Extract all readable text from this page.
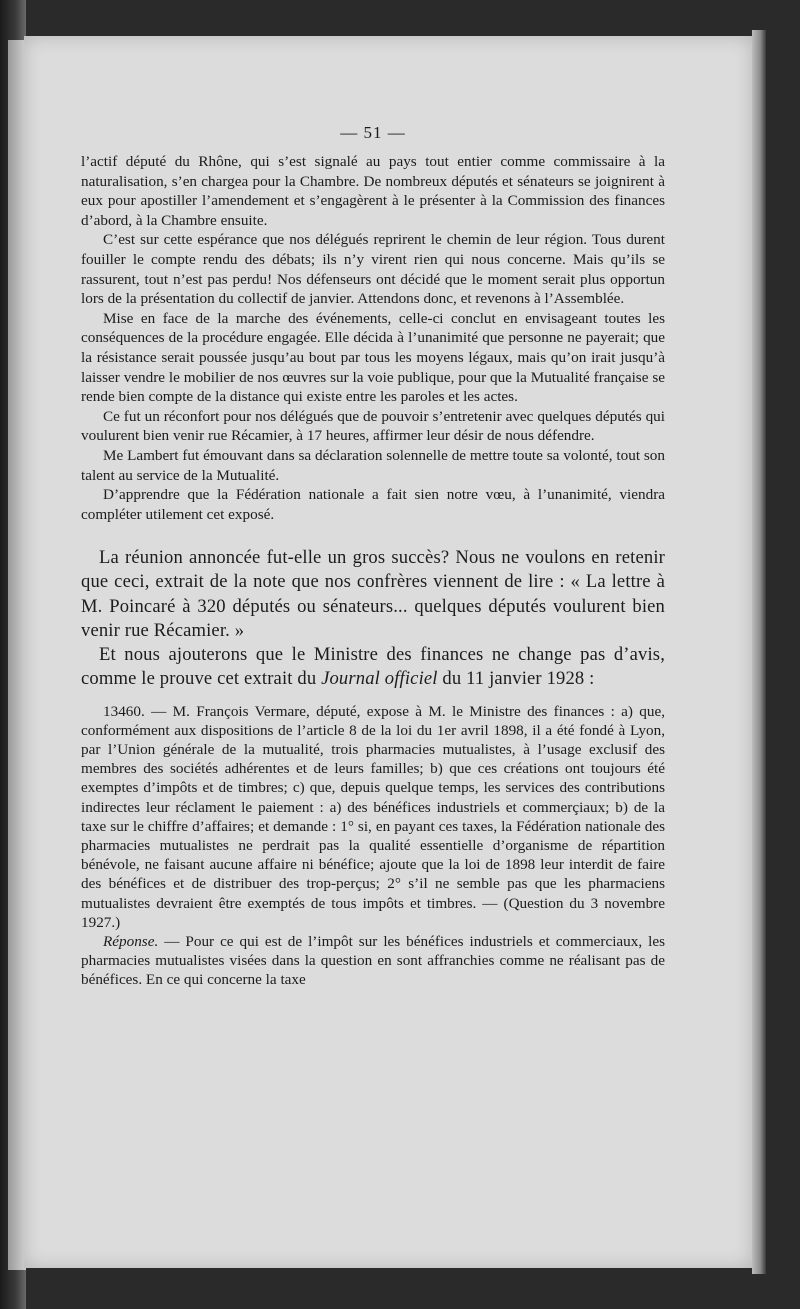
— 51 —

l’actif député du Rhône, qui s’est signalé au pays tout entier comme commissaire à la naturalisation, s’en chargea pour la Chambre. De nombreux députés et sénateurs se joignirent à eux pour apostiller l’amendement et s’engagèrent à le présenter à la Commission des finances d’abord, à la Chambre ensuite.

C’est sur cette espérance que nos délégués reprirent le chemin de leur région. Tous durent fouiller le compte rendu des débats; ils n’y virent rien qui nous concerne. Mais qu’ils se rassurent, tout n’est pas perdu! Nos défenseurs ont décidé que le moment serait plus opportun lors de la présentation du collectif de janvier. Attendons donc, et revenons à l’Assemblée.

Mise en face de la marche des événements, celle-ci conclut en envisageant toutes les conséquences de la procédure engagée. Elle décida à l’unanimité que personne ne payerait; que la résistance serait poussée jusqu’au bout par tous les moyens légaux, mais qu’on irait jusqu’à laisser vendre le mobilier de nos œuvres sur la voie publique, pour que la Mutualité française se rende bien compte de la distance qui existe entre les paroles et les actes.

Ce fut un réconfort pour nos délégués que de pouvoir s’entretenir avec quelques députés qui voulurent bien venir rue Récamier, à 17 heures, affirmer leur désir de nous défendre.

Me Lambert fut émouvant dans sa déclaration solennelle de mettre toute sa volonté, tout son talent au service de la Mutualité.

D’apprendre que la Fédération nationale a fait sien notre vœu, à l’unanimité, viendra compléter utilement cet exposé.

La réunion annoncée fut-elle un gros succès? Nous ne voulons en retenir que ceci, extrait de la note que nos confrères viennent de lire : « La lettre à M. Poincaré à 320 députés ou sénateurs... quelques députés voulurent bien venir rue Récamier. »

Et nous ajouterons que le Ministre des finances ne change pas d’avis, comme le prouve cet extrait du Journal officiel du 11 janvier 1928 :

13460. — M. François Vermare, député, expose à M. le Ministre des finances : a) que, conformément aux dispositions de l’article 8 de la loi du 1er avril 1898, il a été fondé à Lyon, par l’Union générale de la mutualité, trois pharmacies mutualistes, à l’usage exclusif des membres des sociétés adhérentes et de leurs familles; b) que ces créations ont toujours été exemptes d’impôts et de timbres; c) que, depuis quelque temps, les services des contributions indirectes leur réclament le paiement : a) des bénéfices industriels et commerçiaux; b) de la taxe sur le chiffre d’affaires; et demande : 1° si, en payant ces taxes, la Fédération nationale des pharmacies mutualistes ne perdrait pas la qualité essentielle d’organisme de répartition bénévole, ne faisant aucune affaire ni bénéfice; ajoute que la loi de 1898 leur interdit de faire des bénéfices et de distribuer des trop-perçus; 2° s’il ne semble pas que les pharmaciens mutualistes devraient être exemptés de tous impôts et timbres. — (Question du 3 novembre 1927.)

Réponse. — Pour ce qui est de l’impôt sur les bénéfices industriels et commerciaux, les pharmacies mutualistes visées dans la question en sont affranchies comme ne réalisant pas de bénéfices. En ce qui concerne la taxe
